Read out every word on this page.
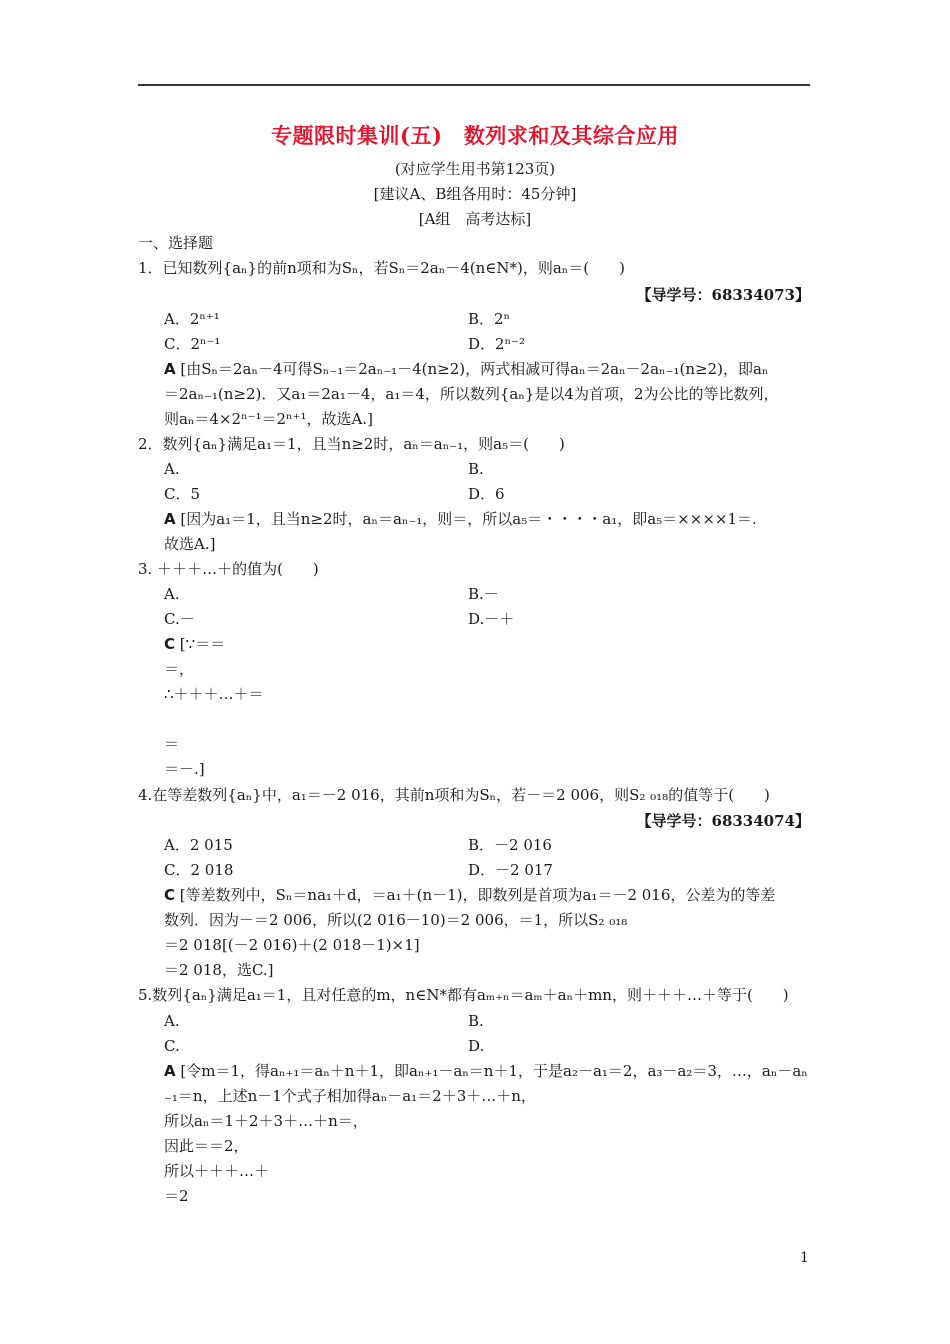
专题限时集训(五)　数列求和及其综合应用
(对应学生用书第123页)
[建议A、B组各用时：45分钟]
[A组　高考达标]
一、选择题
1．已知数列{aₙ}的前n项和为Sₙ，若Sₙ＝2aₙ－4(n∈N*)，则aₙ＝(　　)
【导学号：68334073】
A．2ⁿ⁺¹	B．2ⁿ
C．2ⁿ⁻¹	D．2ⁿ⁻²
A [由Sₙ＝2aₙ－4可得Sₙ₋₁＝2aₙ₋₁－4(n≥2)，两式相减可得aₙ＝2aₙ－2aₙ₋₁(n≥2)，即aₙ
＝2aₙ₋₁(n≥2)．又a₁＝2a₁－4，a₁＝4，所以数列{aₙ}是以4为首项，2为公比的等比数列，
则aₙ＝4×2ⁿ⁻¹＝2ⁿ⁺¹，故选A.]
2．数列{aₙ}满足a₁＝1，且当n≥2时，aₙ＝aₙ₋₁，则a₅＝(　　)
A.	B.
C．5	D．6
A [因为a₁＝1，且当n≥2时，aₙ＝aₙ₋₁，则＝，所以a₅＝・・・・a₁，即a₅＝××××1＝.
故选A.]
3. ＋＋＋…＋的值为(　　)
A.	B.－
C.－	D.－＋
C [∵＝＝
＝，
∴＋＋＋…＋＝
＝
＝－.]
4.在等差数列{aₙ}中，a₁＝－2 016，其前n项和为Sₙ，若－＝2 006，则S₂ ₀₁₈的值等于(　　)
【导学号：68334074】
A．2 015	B．－2 016
C．2 018	D．－2 017
C [等差数列中，Sₙ＝na₁＋d，＝a₁＋(n－1)，即数列是首项为a₁＝－2 016，公差为的等差
数列．因为－＝2 006，所以(2 016－10)＝2 006，＝1，所以S₂ ₀₁₈
＝2 018[(－2 016)＋(2 018－1)×1]
＝2 018，选C.]
5.数列{aₙ}满足a₁＝1，且对任意的m，n∈N*都有aₘ₊ₙ＝aₘ＋aₙ＋mn，则＋＋＋…＋等于(　　)
A.	B.
C.	D.
A [令m＝1，得aₙ₊₁＝aₙ＋n＋1，即aₙ₊₁－aₙ＝n＋1，于是a₂－a₁＝2，a₃－a₂＝3，…，aₙ－aₙ
₋₁＝n，上述n－1个式子相加得aₙ－a₁＝2＋3＋…＋n，
所以aₙ＝1＋2＋3＋…＋n＝，
因此＝＝2，
所以＋＋＋…＋
＝2
1
